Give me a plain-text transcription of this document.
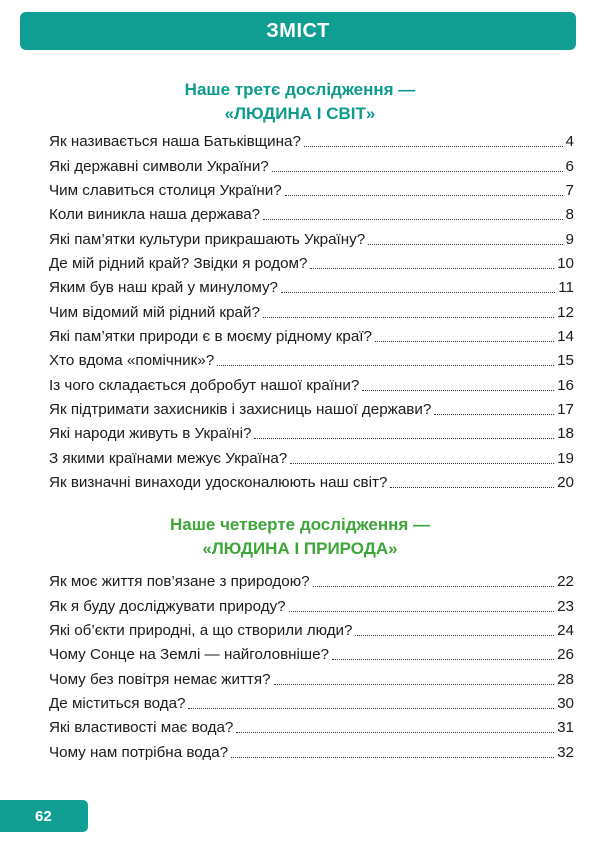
ЗМІСТ
Наше третє дослідження —
«ЛЮДИНА І СВІТ»
Як називається наша Батьківщина?	4
Які державні символи України?	6
Чим славиться столиця України?	7
Коли виникла наша держава?	8
Які пам’ятки культури прикрашають Україну?	9
Де мій рідний край? Звідки я родом?	10
Яким був наш край у минулому?	11
Чим відомий мій рідний край?	12
Які пам’ятки природи є в моєму рідному краї?	14
Хто вдома «помічник»?	15
Із чого складається добробут нашої країни?	16
Як підтримати захисників і захисниць нашої держави?	17
Які народи живуть в Україні?	18
З якими країнами межує Україна?	19
Як визначні винаходи удосконалюють наш світ?	20
Наше четверте дослідження —
«ЛЮДИНА І ПРИРОДА»
Як моє життя пов’язане з природою?	22
Як я буду досліджувати природу?	23
Які об’єкти природні, а що створили люди?	24
Чому Сонце на Землі — найголовніше?	26
Чому без повітря немає життя?	28
Де міститься вода?	30
Які властивості має вода?	31
Чому нам потрібна вода?	32
62
